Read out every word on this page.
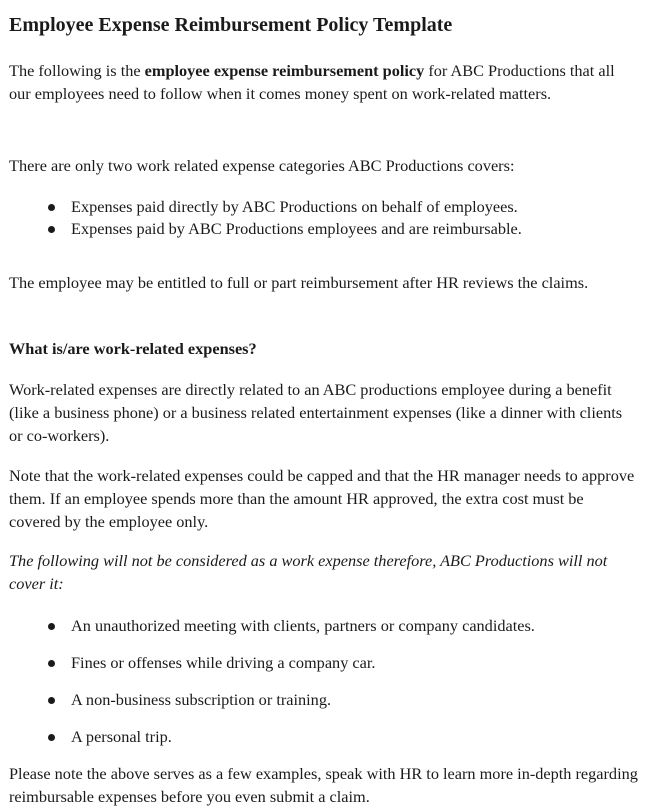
Employee Expense Reimbursement Policy Template

The following is the employee expense reimbursement policy for ABC Productions that all our employees need to follow when it comes money spent on work-related matters.

There are only two work related expense categories ABC Productions covers:

Expenses paid directly by ABC Productions on behalf of employees.
Expenses paid by ABC Productions employees and are reimbursable.

The employee may be entitled to full or part reimbursement after HR reviews the claims.

What is/are work-related expenses?

Work-related expenses are directly related to an ABC productions employee during a benefit (like a business phone) or a business related entertainment expenses (like a dinner with clients or co-workers).

Note that the work-related expenses could be capped and that the HR manager needs to approve them. If an employee spends more than the amount HR approved, the extra cost must be covered by the employee only.

The following will not be considered as a work expense therefore, ABC Productions will not cover it:

An unauthorized meeting with clients, partners or company candidates.
Fines or offenses while driving a company car.
A non-business subscription or training.
A personal trip.

Please note the above serves as a few examples, speak with HR to learn more in-depth regarding reimbursable expenses before you even submit a claim.
